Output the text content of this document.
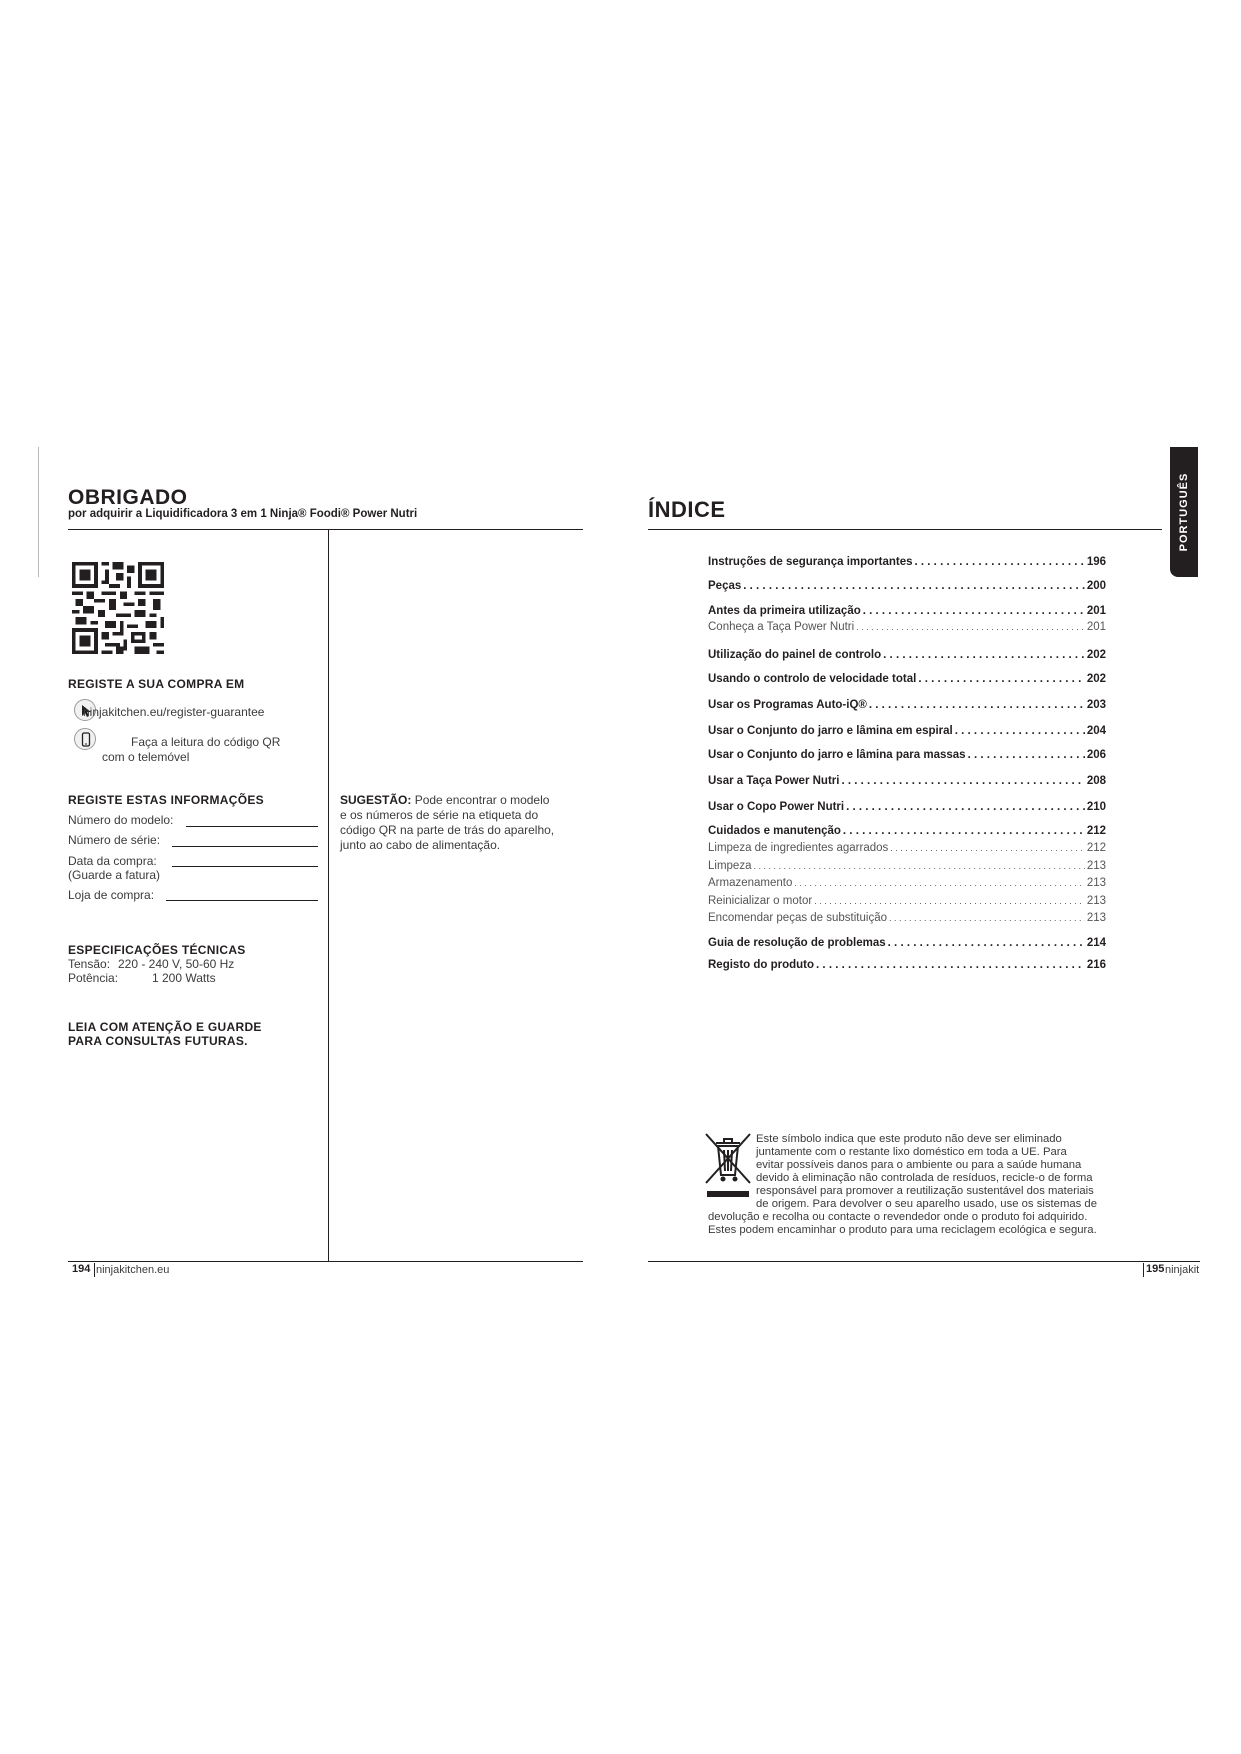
OBRIGADO
por adquirir a Liquidificadora 3 em 1 Ninja® Foodi® Power Nutri
REGISTE A SUA COMPRA EM
ninjakitchen.eu/register-guarantee
Faça a leitura do código QR
com o telemóvel
REGISTE ESTAS INFORMAÇÕES
Número do modelo:
Número de série:
Data da compra:
(Guarde a fatura)
Loja de compra:
SUGESTÃO: Pode encontrar o modelo
e os números de série na etiqueta do
código QR na parte de trás do aparelho,
junto ao cabo de alimentação.
ESPECIFICAÇÕES TÉCNICAS
Tensão: 220 - 240 V, 50-60 Hz
Potência:	1 200 Watts
LEIA COM ATENÇÃO E GUARDE
PARA CONSULTAS FUTURAS.
194 ninjakitchen.eu
ÍNDICE	PORTUGUÊS
Instruções de segurança importantes . . .	196
Peças . . .	200
Antes da primeira utilização . . .	201
Conheça a Taça Power Nutri . . .	201
Utilização do painel de controlo . . .	202
Usando o controlo de velocidade total . . .	202
Usar os Programas Auto-iQ® . . .	203
Usar o Conjunto do jarro e lâmina em espiral . . .	204
Usar o Conjunto do jarro e lâmina para massas . . .	206
Usar a Taça Power Nutri . . .	208
Usar o Copo Power Nutri . . .	210
Cuidados e manutenção . . .	212
Limpeza de ingredientes agarrados . . .	212
Limpeza . . .	213
Armazenamento . . .	213
Reinicializar o motor . . .	213
Encomendar peças de substituição . . .	213
Guia de resolução de problemas . . .	214
Registo do produto . . .	216
Este símbolo indica que este produto não deve ser eliminado
juntamente com o restante lixo doméstico em toda a UE. Para
evitar possíveis danos para o ambiente ou para a saúde humana
devido à eliminação não controlada de resíduos, recicle-o de forma
responsável para promover a reutilização sustentável dos materiais
de origem. Para devolver o seu aparelho usado, use os sistemas de
devolução e recolha ou contacte o revendedor onde o produto foi adquirido.
Estes podem encaminhar o produto para uma reciclagem ecológica e segura.
195 ninjakit
